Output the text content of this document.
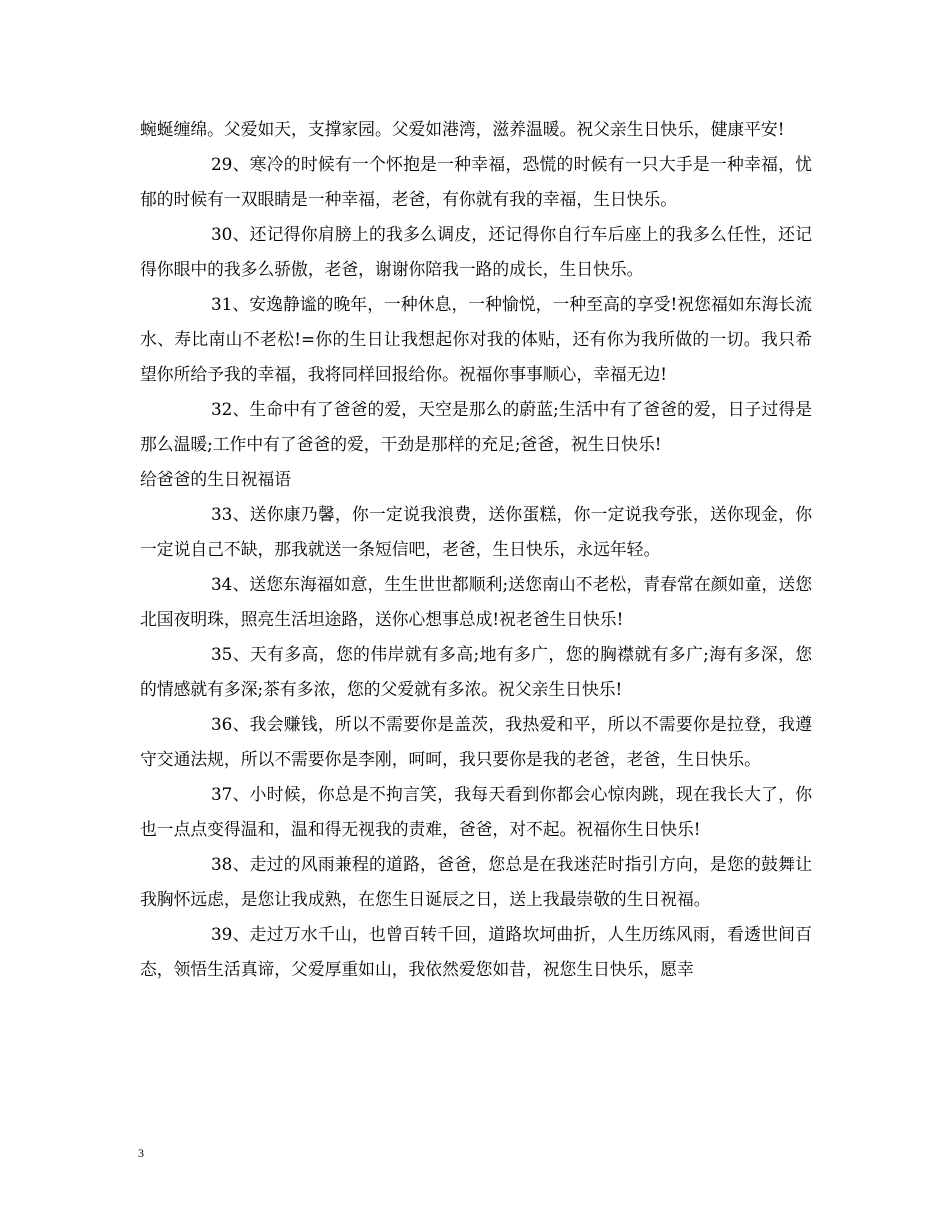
蜿蜒缠绵。父爱如天，支撑家园。父爱如港湾，滋养温暖。祝父亲生日快乐，健康平安!

29、寒冷的时候有一个怀抱是一种幸福，恐慌的时候有一只大手是一种幸福，忧郁的时候有一双眼睛是一种幸福，老爸，有你就有我的幸福，生日快乐。

30、还记得你肩膀上的我多么调皮，还记得你自行车后座上的我多么任性，还记得你眼中的我多么骄傲，老爸，谢谢你陪我一路的成长，生日快乐。

31、安逸静谧的晚年，一种休息，一种愉悦，一种至高的享受!祝您福如东海长流水、寿比南山不老松!=你的生日让我想起你对我的体贴，还有你为我所做的一切。我只希望你所给予我的幸福，我将同样回报给你。祝福你事事顺心，幸福无边!

32、生命中有了爸爸的爱，天空是那么的蔚蓝;生活中有了爸爸的爱，日子过得是那么温暖;工作中有了爸爸的爱，干劲是那样的充足;爸爸，祝生日快乐!

给爸爸的生日祝福语

33、送你康乃馨，你一定说我浪费，送你蛋糕，你一定说我夸张，送你现金，你一定说自己不缺，那我就送一条短信吧，老爸，生日快乐，永远年轻。

34、送您东海福如意，生生世世都顺利;送您南山不老松，青春常在颜如童，送您北国夜明珠，照亮生活坦途路，送你心想事总成!祝老爸生日快乐!

35、天有多高，您的伟岸就有多高;地有多广，您的胸襟就有多广;海有多深，您的情感就有多深;茶有多浓，您的父爱就有多浓。祝父亲生日快乐!

36、我会赚钱，所以不需要你是盖茨，我热爱和平，所以不需要你是拉登，我遵守交通法规，所以不需要你是李刚，呵呵，我只要你是我的老爸，老爸，生日快乐。

37、小时候，你总是不拘言笑，我每天看到你都会心惊肉跳，现在我长大了，你也一点点变得温和，温和得无视我的责难，爸爸，对不起。祝福你生日快乐!

38、走过的风雨兼程的道路，爸爸，您总是在我迷茫时指引方向，是您的鼓舞让我胸怀远虑，是您让我成熟，在您生日诞辰之日，送上我最崇敬的生日祝福。

39、走过万水千山，也曾百转千回，道路坎坷曲折，人生历练风雨，看透世间百态，领悟生活真谛，父爱厚重如山，我依然爱您如昔，祝您生日快乐，愿幸

3
